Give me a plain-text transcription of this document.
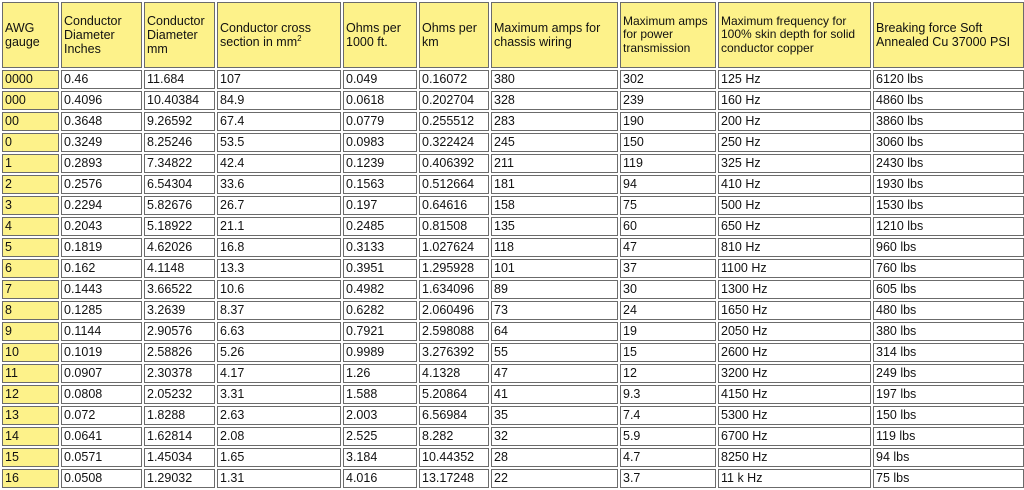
AWG gauge	Conductor Diameter Inches	Conductor Diameter mm	Conductor cross section in $mm^2$	Ohms per 1000 ft.	Ohms per km	Maximum amps for chassis wiring	Maximum amps for power transmission	Maximum frequency for 100% skin depth for solid conductor copper	Breaking force Soft Annealed Cu 37000 PSI
0000	0.46	11.684	107	0.049	0.16072	380	302	125 Hz	6120 lbs
000	0.4096	10.40384	84.9	0.0618	0.202704	328	239	160 Hz	4860 lbs
00	0.3648	9.26592	67.4	0.0779	0.255512	283	190	200 Hz	3860 lbs
0	0.3249	8.25246	53.5	0.0983	0.322424	245	150	250 Hz	3060 lbs
1	0.2893	7.34822	42.4	0.1239	0.406392	211	119	325 Hz	2430 lbs
2	0.2576	6.54304	33.6	0.1563	0.512664	181	94	410 Hz	1930 lbs
3	0.2294	5.82676	26.7	0.197	0.64616	158	75	500 Hz	1530 lbs
4	0.2043	5.18922	21.1	0.2485	0.81508	135	60	650 Hz	1210 lbs
5	0.1819	4.62026	16.8	0.3133	1.027624	118	47	810 Hz	960 lbs
6	0.162	4.1148	13.3	0.3951	1.295928	101	37	1100 Hz	760 lbs
7	0.1443	3.66522	10.6	0.4982	1.634096	89	30	1300 Hz	605 lbs
8	0.1285	3.2639	8.37	0.6282	2.060496	73	24	1650 Hz	480 lbs
9	0.1144	2.90576	6.63	0.7921	2.598088	64	19	2050 Hz	380 lbs
10	0.1019	2.58826	5.26	0.9989	3.276392	55	15	2600 Hz	314 lbs
11	0.0907	2.30378	4.17	1.26	4.1328	47	12	3200 Hz	249 lbs
12	0.0808	2.05232	3.31	1.588	5.20864	41	9.3	4150 Hz	197 lbs
13	0.072	1.8288	2.63	2.003	6.56984	35	7.4	5300 Hz	150 lbs
14	0.0641	1.62814	2.08	2.525	8.282	32	5.9	6700 Hz	119 lbs
15	0.0571	1.45034	1.65	3.184	10.44352	28	4.7	8250 Hz	94 lbs
16	0.0508	1.29032	1.31	4.016	13.17248	22	3.7	11 k Hz	75 lbs
